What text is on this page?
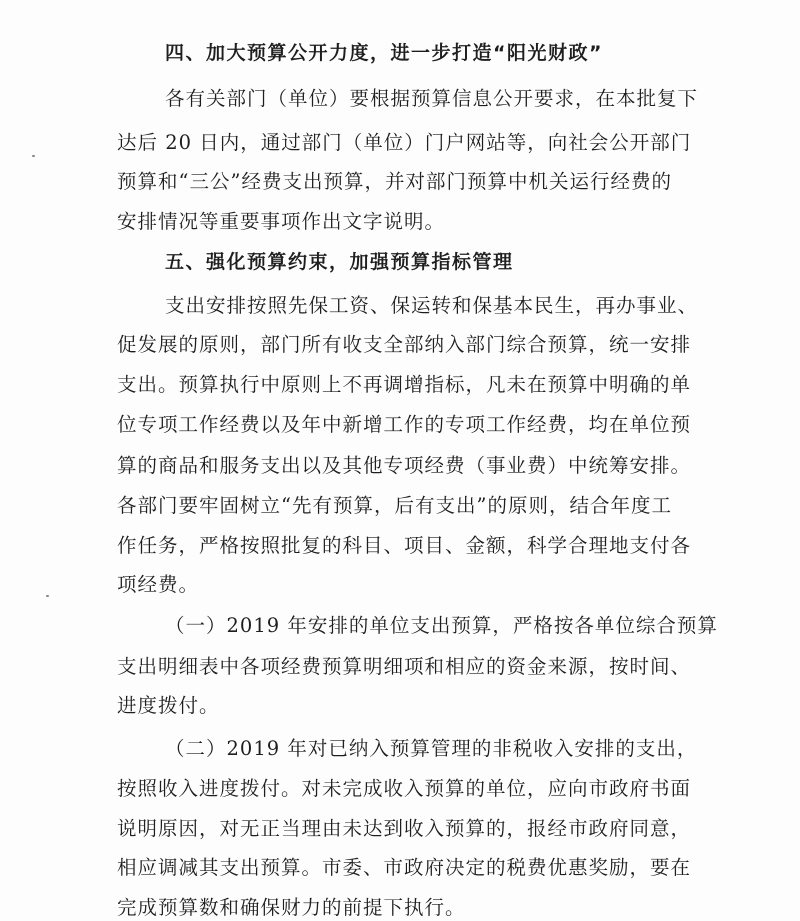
四、加大预算公开力度，进一步打造“阳光财政”
各有关部门（单位）要根据预算信息公开要求，在本批复下
达后 20 日内，通过部门（单位）门户网站等，向社会公开部门
预算和“三公”经费支出预算，并对部门预算中机关运行经费的
安排情况等重要事项作出文字说明。
五、强化预算约束，加强预算指标管理
支出安排按照先保工资、保运转和保基本民生，再办事业、
促发展的原则，部门所有收支全部纳入部门综合预算，统一安排
支出。预算执行中原则上不再调增指标，凡未在预算中明确的单
位专项工作经费以及年中新增工作的专项工作经费，均在单位预
算的商品和服务支出以及其他专项经费（事业费）中统筹安排。
各部门要牢固树立“先有预算，后有支出”的原则，结合年度工
作任务，严格按照批复的科目、项目、金额，科学合理地支付各
项经费。
（一）2019 年安排的单位支出预算，严格按各单位综合预算
支出明细表中各项经费预算明细项和相应的资金来源，按时间、
进度拨付。
（二）2019 年对已纳入预算管理的非税收入安排的支出，
按照收入进度拨付。对未完成收入预算的单位，应向市政府书面
说明原因，对无正当理由未达到收入预算的，报经市政府同意，
相应调减其支出预算。市委、市政府决定的税费优惠奖励，要在
完成预算数和确保财力的前提下执行。
